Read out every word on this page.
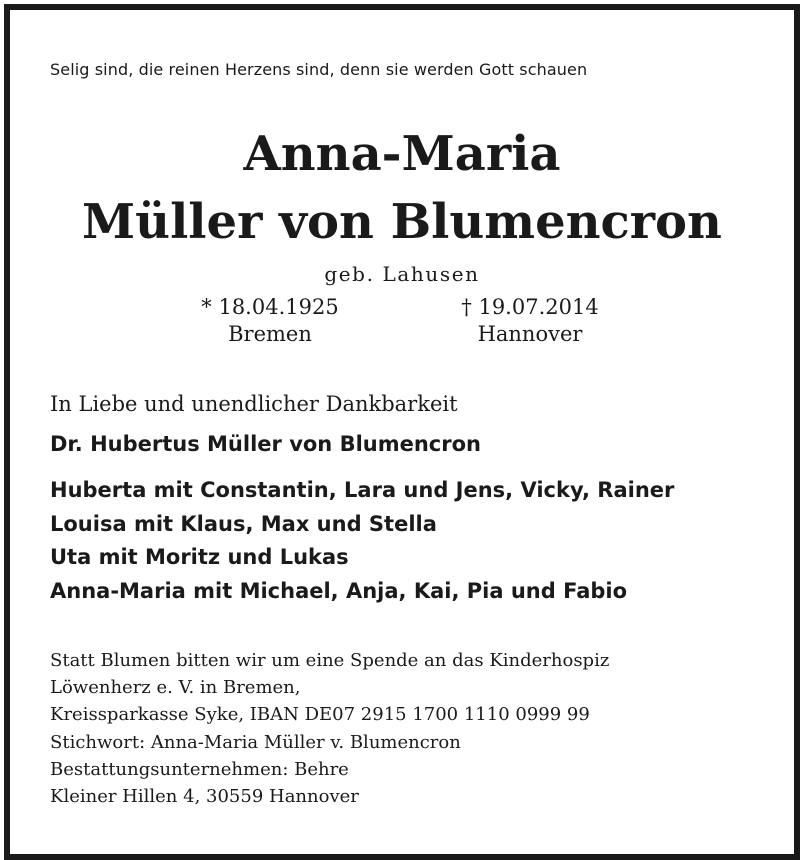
Selig sind, die reinen Herzens sind, denn sie werden Gott schauen
Anna-Maria
Müller von Blumencron
geb. Lahusen
* 18.04.1925
Bremen
† 19.07.2014
Hannover
In Liebe und unendlicher Dankbarkeit
Dr. Hubertus Müller von Blumencron
Huberta mit Constantin, Lara und Jens, Vicky, Rainer
Louisa mit Klaus, Max und Stella
Uta mit Moritz und Lukas
Anna-Maria mit Michael, Anja, Kai, Pia und Fabio
Statt Blumen bitten wir um eine Spende an das Kinderhospiz
Löwenherz e. V. in Bremen,
Kreissparkasse Syke, IBAN DE07 2915 1700 1110 0999 99
Stichwort: Anna-Maria Müller v. Blumencron
Bestattungsunternehmen: Behre
Kleiner Hillen 4, 30559 Hannover
